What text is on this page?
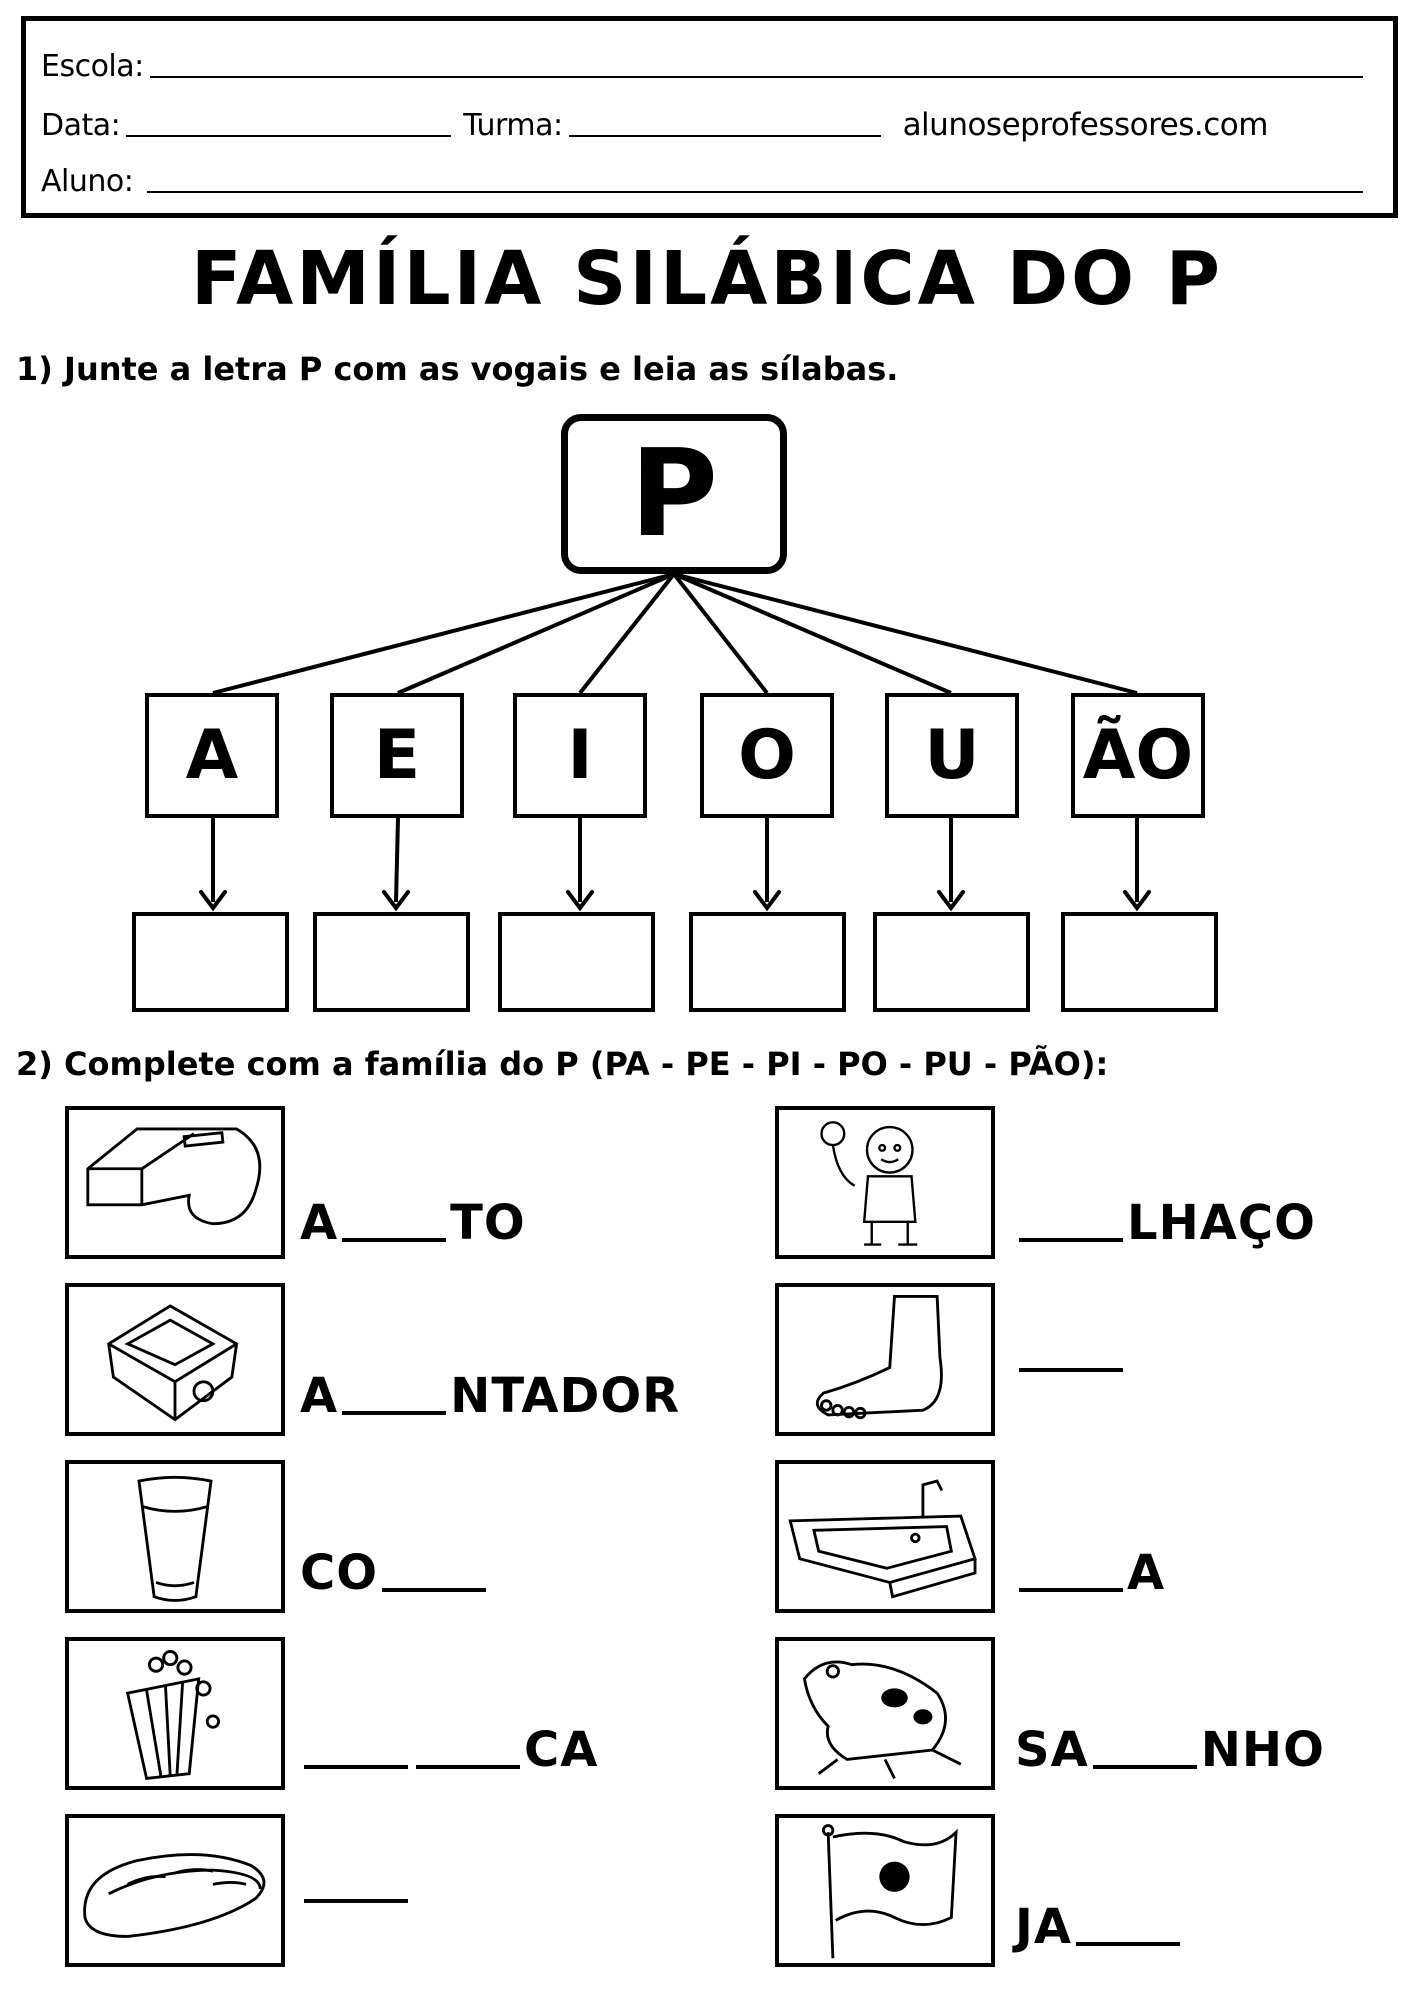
Escola:
Data:	Turma:	alunoseprofessores.com
Aluno:
FAMÍLIA SILÁBICA DO P
1) Junte a letra P com as vogais e leia as sílabas.
P
A	E	I	O	U	ÃO
2) Complete com a família do P (PA - PE - PI - PO - PU - PÃO):
A TO	LHAÇO
A NTADOR
CO	A
CA	SA NHO
JA
